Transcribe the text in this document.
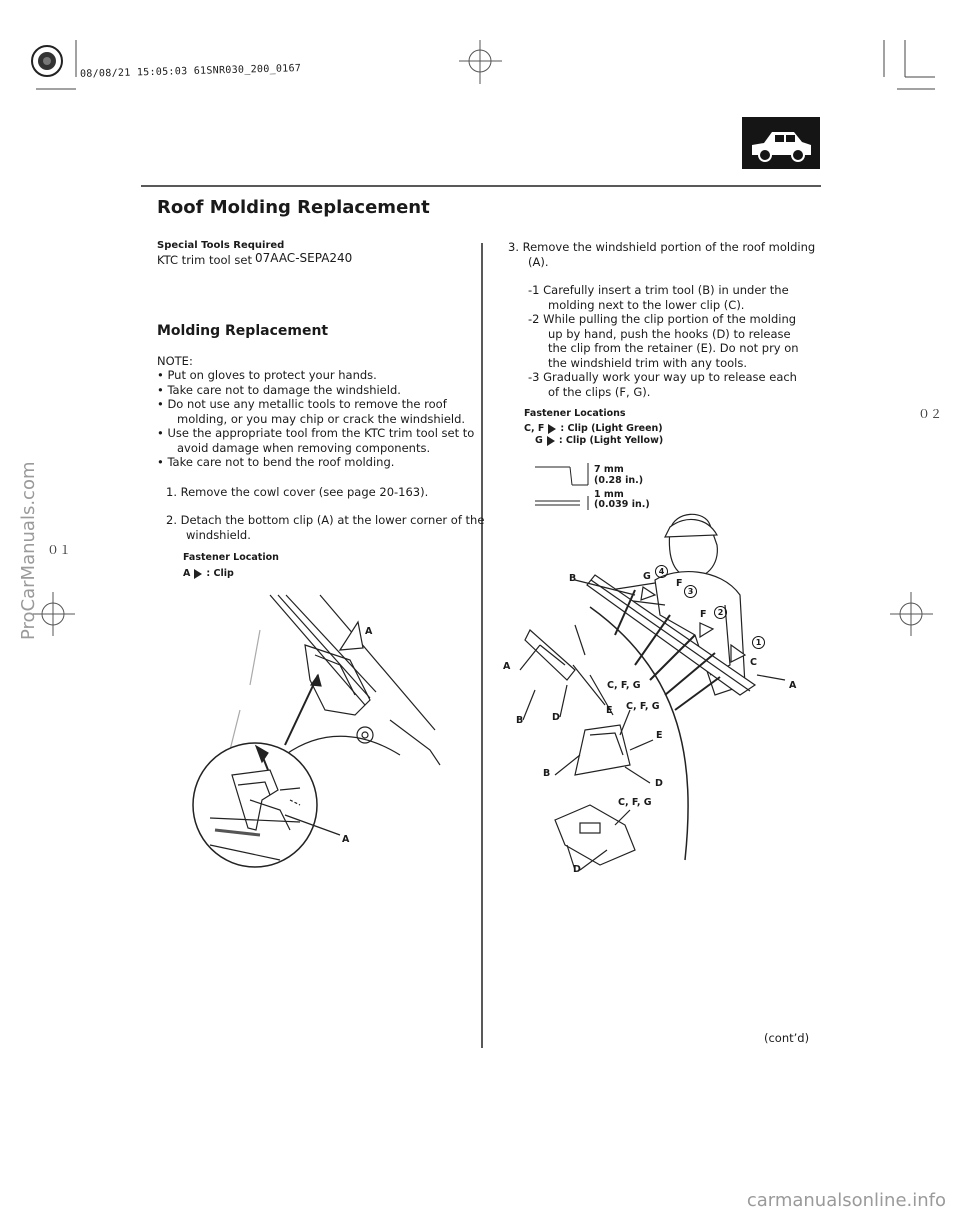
08/08/21 15:05:03 61SNR030_200_0167
Roof Molding Replacement
ProCarManuals.com
０２
０１
Special Tools Required
KTC trim tool set 07AAC-SEPA240
Molding Replacement
NOTE:
• Put on gloves to protect your hands.
• Take care not to damage the windshield.
• Do not use any metallic tools to remove the roof molding, or you may chip or crack the windshield.
• Use the appropriate tool from the KTC trim tool set to avoid damage when removing components.
• Take care not to bend the roof molding.
1. Remove the cowl cover (see page 20-163).
2. Detach the bottom clip (A) at the lower corner of the windshield.
Fastener Location
A : Clip
A
A
3. Remove the windshield portion of the roof molding (A).
-1 Carefully insert a trim tool (B) in under the molding next to the lower clip (C).
-2 While pulling the clip portion of the molding up by hand, push the hooks (D) to release the clip from the retainer (E). Do not pry on the windshield trim with any tools.
-3 Gradually work your way up to release each of the clips (F, G).
Fastener Locations
C, F : Clip (Light Green)
G : Clip (Light Yellow)
7 mm
(0.28 in.)
1 mm
(0.039 in.)
B	G
F
F
C
A
A
B	D
E
C, F, G
C, F, G
E
B
D
C, F, G
D
1
2
3
4
(cont’d)
carmanualsonline.info
